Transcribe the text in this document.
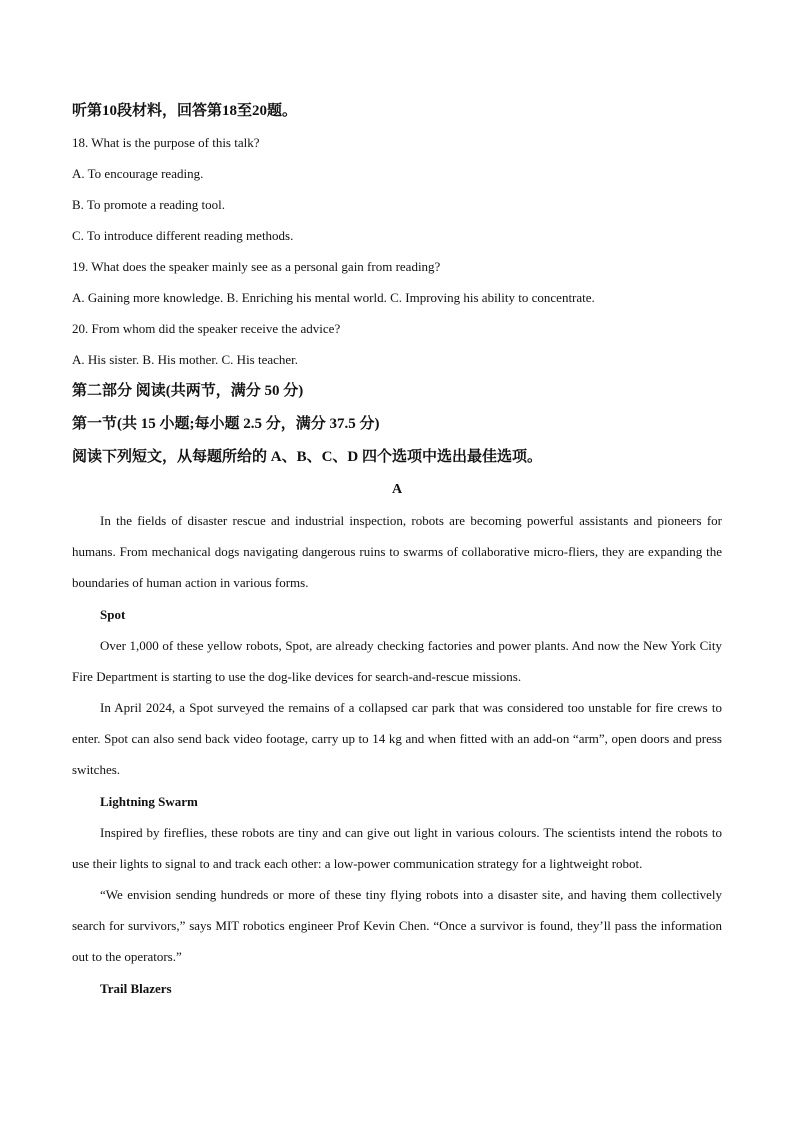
听第10段材料，回答第18至20题。
18. What is the purpose of this talk?
A. To encourage reading.
B. To promote a reading tool.
C. To introduce different reading methods.
19. What does the speaker mainly see as a personal gain from reading?
A. Gaining more knowledge. B. Enriching his mental world. C. Improving his ability to concentrate.
20. From whom did the speaker receive the advice?
A. His sister. B. His mother. C. His teacher.
第二部分 阅读(共两节，满分 50 分)
第一节(共 15 小题;每小题 2.5 分，满分 37.5 分)
阅读下列短文，从每题所给的 A、B、C、D 四个选项中选出最佳选项。
A

In the fields of disaster rescue and industrial inspection, robots are becoming powerful assistants and pioneers for humans. From mechanical dogs navigating dangerous ruins to swarms of collaborative micro-fliers, they are expanding the boundaries of human action in various forms.

Spot

Over 1,000 of these yellow robots, Spot, are already checking factories and power plants. And now the New York City Fire Department is starting to use the dog-like devices for search-and-rescue missions.

In April 2024, a Spot surveyed the remains of a collapsed car park that was considered too unstable for fire crews to enter. Spot can also send back video footage, carry up to 14 kg and when fitted with an add-on “arm”, open doors and press switches.

Lightning Swarm

Inspired by fireflies, these robots are tiny and can give out light in various colours. The scientists intend the robots to use their lights to signal to and track each other: a low-power communication strategy for a lightweight robot.

“We envision sending hundreds or more of these tiny flying robots into a disaster site, and having them collectively search for survivors,” says MIT robotics engineer Prof Kevin Chen. “Once a survivor is found, they’ll pass the information out to the operators.”

Trail Blazers
